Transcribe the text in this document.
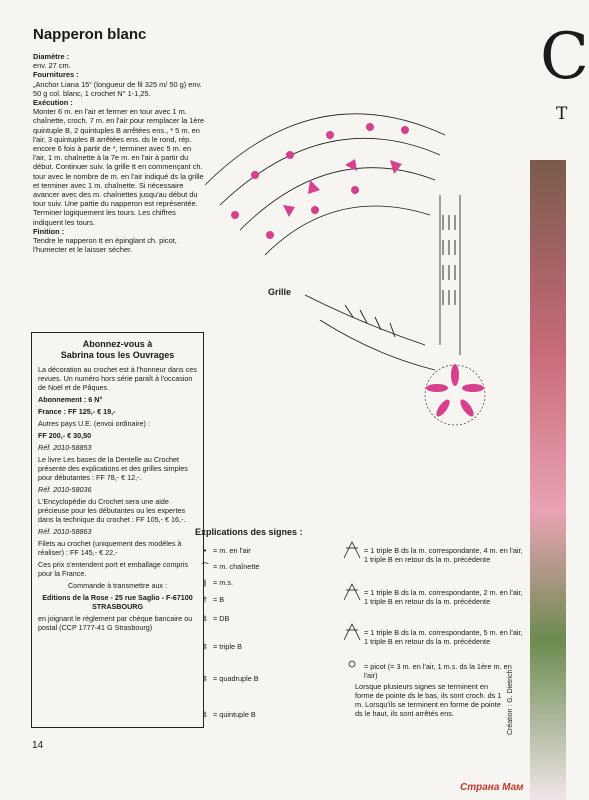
Napperon blanc

Diamètre :

env. 27 cm.

Fournitures :

„Anchor Liana 15“ (longueur de fil 325 m/ 50 g) env. 50 g col. blanc, 1 crochet N° 1-1,25.

Exécution :

Monter 6 m. en l'air et fermer en tour avec 1 m. chaînette, croch. 7 m. en l'air pour remplacer la 1ère quintuple B, 2 quintuples B arrêtées ens., * 5 m. en l'air, 3 quintuples B arrêtées ens. ds le rond, rép. encore 6 fois à partir de *, terminer avec 5 m. en l'air, 1 m. chaînette à la 7e m. en l'air à partir du début. Continuer suiv. la grille tt en commençant ch. tour avec le nombre de m. en l'air indiqué ds la grille et terminer avec 1 m. chaînette. Si nécessaire avancer avec des m. chaînettes jusqu'au début du tour suiv. Une partie du napperon est représentée. Terminer logiquement les tours. Les chiffres indiquent les tours.

Finition :

Tendre le napperon tt en épinglant ch. picot, l'humecter et le laisser sécher.

Abonnez-vous à
Sabrina tous les Ouvrages

La décoration au crochet est à l'honneur dans ces revues. Un numéro hors série paraît à l'occasion de Noël et de Pâques.

Abonnement : 6 N°

France : FF 125,- € 19,-

Autres pays U.E. (envoi ordinaire) :

FF 200,- € 30,50

Réf. 2010-58853

Le livre Les bases de la Dentelle au Crochet présente des explications et des grilles simples pour débutantes : FF 78,- € 12,-.

Réf. 2010-58036

L'Encyclopédie du Crochet sera une aide précieuse pour les débutantes ou les expertes dans la technique du crochet : FF 105,- € 16,-.

Réf. 2010-58863

Filets au crochet (uniquement des modèles à réaliser) : FF 145,- € 22,-

Ces prix s'entendent port et emballage compris pour la France.

Commande à transmettre aux :

Editions de la Rose - 25 rue Saglio - F-67100 STRASBOURG

en joignant le règlement par chèque bancaire ou postal (CCP 1777-41 G Strasbourg)

14
Grille
Explications des signes :
• = m. en l'air
⌒ = m. chaînette
| = m.s.
† = B
‡ = DB
‡ = triple B
‡ = quadruple B
‡ = quintuple B
= 1 triple B ds la m. correspondante, 4 m. en l'air, 1 triple B en retour ds la m. précédente
= 1 triple B ds la m. correspondante, 2 m. en l'air, 1 triple B en retour ds la m. précédente
= 1 triple B ds la m. correspondante, 5 m. en l'air, 1 triple B en retour ds la m. précédente
= picot (= 3 m. en l'air, 1 m.s. ds la 1ère m. en l'air)
Lorsque plusieurs signes se terminent en forme de pointe ds le bas, ils sont croch. ds 1 m. Lorsqu'ils se terminent en forme de pointe ds le haut, ils sont arrêtés ens.	Création : G. Dietrich
C
T
Страна Мам
